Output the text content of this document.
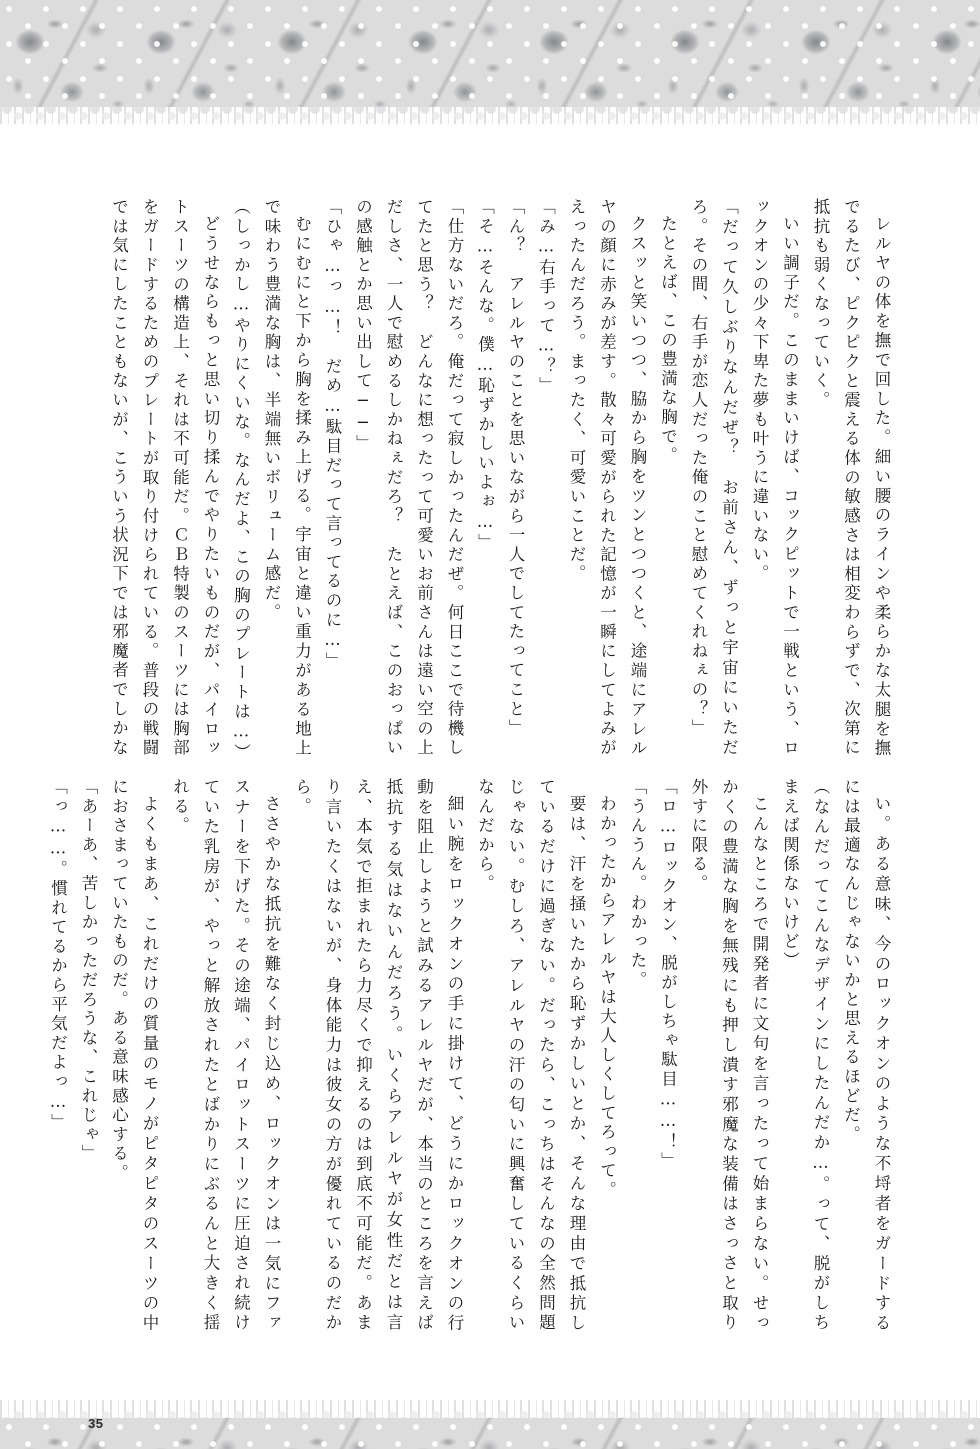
レルヤの体を撫で回した。細い腰のラインや柔らかな太腿を撫でるたび、ピクピクと震える体の敏感さは相変わらずで、次第に抵抗も弱くなっていく。

いい調子だ。このままいけば、コックピットで一戦という、ロックオンの少々下卑た夢も叶うに違いない。

「だって久しぶりなんだぜ？　お前さん、ずっと宇宙にいただろ。その間、右手が恋人だった俺のこと慰めてくれねぇの？」

たとえば、この豊満な胸で。

クスッと笑いつつ、脇から胸をツンとつつくと、途端にアレルヤの顔に赤みが差す。散々可愛がられた記憶が一瞬にしてよみがえったんだろう。まったく、可愛いことだ。

「み…右手って…？」

「ん？　アレルヤのことを思いながら一人でしてたってこと」

「そ…そんな。僕…恥ずかしいよぉ…」

「仕方ないだろ。俺だって寂しかったんだぜ。何日ここで待機してたと思う？　どんなに想ったって可愛いお前さんは遠い空の上だしさ、一人で慰めるしかねぇだろ？　たとえば、このおっぱいの感触とか思い出して──」

「ひゃ…っ…！　だめ…駄目だって言ってるのに…」

むにむにと下から胸を揉み上げる。宇宙と違い重力がある地上で味わう豊満な胸は、半端無いボリューム感だ。

（しっかし…やりにくいな。なんだよ、この胸のプレートは…）

どうせならもっと思い切り揉んでやりたいものだが、パイロットスーツの構造上、それは不可能だ。ＣＢ特製のスーツには胸部をガードするためのプレートが取り付けられている。普段の戦闘では気にしたこともないが、こういう状況下では邪魔者でしかな

い。ある意味、今のロックオンのような不埒者をガードするには最適なんじゃないかと思えるほどだ。

（なんだってこんなデザインにしたんだか…。って、脱がしちまえば関係ないけど）

こんなところで開発者に文句を言ったって始まらない。せっかくの豊満な胸を無残にも押し潰す邪魔な装備はさっさと取り外すに限る。

「ロ…ロックオン、脱がしちゃ駄目……！」

「うんうん。わかった。

わかったからアレルヤは大人しくしてろって。

要は、汗を掻いたから恥ずかしいとか、そんな理由で抵抗しているだけに過ぎない。だったら、こっちはそんなの全然問題じゃない。むしろ、アレルヤの汗の匂いに興奮しているくらいなんだから。

細い腕をロックオンの手に掛けて、どうにかロックオンの行動を阻止しようと試みるアレルヤだが、本当のところを言えば抵抗する気はないんだろう。いくらアレルヤが女性だとは言え、本気で拒まれたら力尽くで抑えるのは到底不可能だ。あまり言いたくはないが、身体能力は彼女の方が優れているのだから。

ささやかな抵抗を難なく封じ込め、ロックオンは一気にファスナーを下げた。その途端、パイロットスーツに圧迫され続けていた乳房が、やっと解放されたとばかりにぶるんと大きく揺れる。

よくもまあ、これだけの質量のモノがピタピタのスーツの中におさまっていたものだ。ある意味感心する。

「あーあ、苦しかっただろうな、これじゃ」

「っ……。慣れてるから平気だよっ…」

35
